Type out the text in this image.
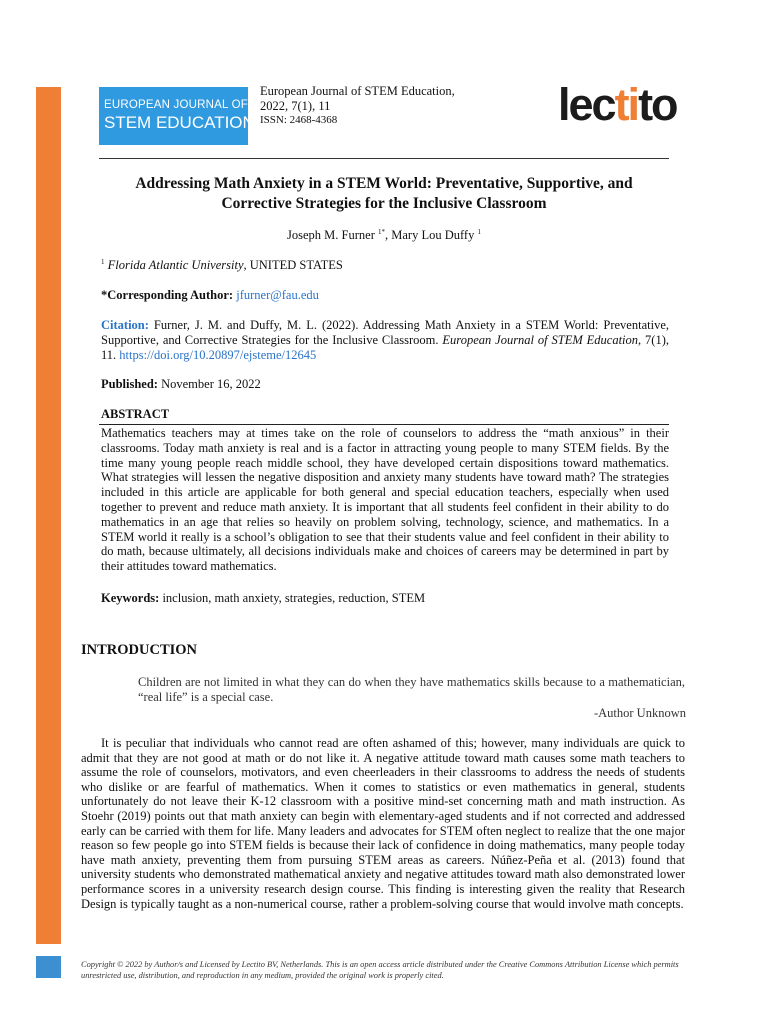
EUROPEAN JOURNAL OF
STEM EDUCATION
European Journal of STEM Education,
2022, 7(1), 11
ISSN: 2468-4368	lectito
Addressing Math Anxiety in a STEM World: Preventative, Supportive, and Corrective Strategies for the Inclusive Classroom
Joseph M. Furner $^{1*}$, Mary Lou Duffy $^1$
$^1$ Florida Atlantic University, UNITED STATES
*Corresponding Author: jfurner@fau.edu
Citation: Furner, J. M. and Duffy, M. L. (2022). Addressing Math Anxiety in a STEM World: Preventative, Supportive, and Corrective Strategies for the Inclusive Classroom. European Journal of STEM Education, 7(1), 11. https://doi.org/10.20897/ejsteme/12645
Published: November 16, 2022
ABSTRACT
Mathematics teachers may at times take on the role of counselors to address the “math anxious” in their classrooms. Today math anxiety is real and is a factor in attracting young people to many STEM fields. By the time many young people reach middle school, they have developed certain dispositions toward mathematics. What strategies will lessen the negative disposition and anxiety many students have toward math? The strategies included in this article are applicable for both general and special education teachers, especially when used together to prevent and reduce math anxiety. It is important that all students feel confident in their ability to do mathematics in an age that relies so heavily on problem solving, technology, science, and mathematics. In a STEM world it really is a school’s obligation to see that their students value and feel confident in their ability to do math, because ultimately, all decisions individuals make and choices of careers may be determined in part by their attitudes toward mathematics.
Keywords: inclusion, math anxiety, strategies, reduction, STEM
INTRODUCTION
Children are not limited in what they can do when they have mathematics skills because to a mathematician, “real life” is a special case.
-Author Unknown
It is peculiar that individuals who cannot read are often ashamed of this; however, many individuals are quick to admit that they are not good at math or do not like it. A negative attitude toward math causes some math teachers to assume the role of counselors, motivators, and even cheerleaders in their classrooms to address the needs of students who dislike or are fearful of mathematics. When it comes to statistics or even mathematics in general, students unfortunately do not leave their K-12 classroom with a positive mind-set concerning math and math instruction. As Stoehr (2019) points out that math anxiety can begin with elementary-aged students and if not corrected and addressed early can be carried with them for life. Many leaders and advocates for STEM often neglect to realize that the one major reason so few people go into STEM fields is because their lack of confidence in doing mathematics, many people today have math anxiety, preventing them from pursuing STEM areas as careers. Núñez-Peña et al. (2013) found that university students who demonstrated mathematical anxiety and negative attitudes toward math also demonstrated lower performance scores in a university research design course. This finding is interesting given the reality that Research Design is typically taught as a non-numerical course, rather a problem-solving course that would involve math concepts.
Copyright © 2022 by Author/s and Licensed by Lectito BV, Netherlands. This is an open access article distributed under the Creative Commons Attribution License which permits unrestricted use, distribution, and reproduction in any medium, provided the original work is properly cited.
